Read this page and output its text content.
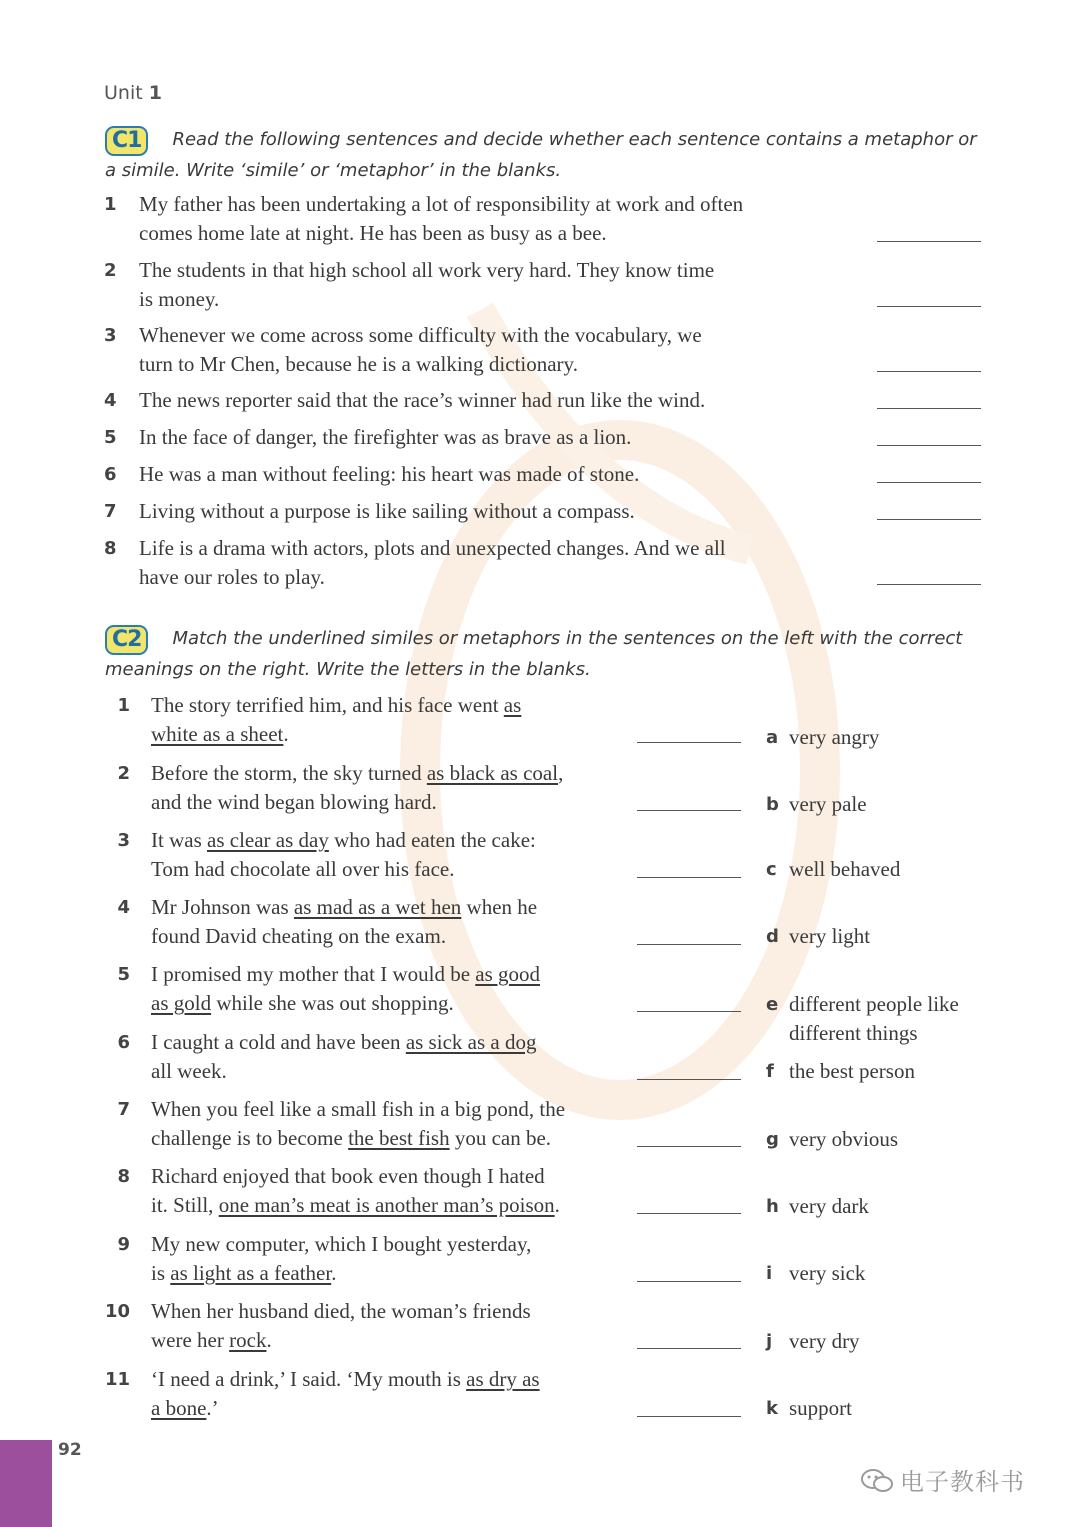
Unit 1
C1 Read the following sentences and decide whether each sentence contains a metaphor or a simile. Write ‘simile’ or ‘metaphor’ in the blanks.
1 My father has been undertaking a lot of responsibility at work and often
comes home late at night. He has been as busy as a bee.
2 The students in that high school all work very hard. They know time
is money.
3 Whenever we come across some difficulty with the vocabulary, we
turn to Mr Chen, because he is a walking dictionary.
4 The news reporter said that the race’s winner had run like the wind.
5 In the face of danger, the firefighter was as brave as a lion.
6 He was a man without feeling: his heart was made of stone.
7 Living without a purpose is like sailing without a compass.
8 Life is a drama with actors, plots and unexpected changes. And we all
have our roles to play.
C2 Match the underlined similes or metaphors in the sentences on the left with the correct meanings on the right. Write the letters in the blanks.
1 The story terrified him, and his face went as
white as a sheet.
2 Before the storm, the sky turned as black as coal,
and the wind began blowing hard.
3 It was as clear as day who had eaten the cake:
Tom had chocolate all over his face.
4 Mr Johnson was as mad as a wet hen when he
found David cheating on the exam.
5 I promised my mother that I would be as good
as gold while she was out shopping.
6 I caught a cold and have been as sick as a dog
all week.
7 When you feel like a small fish in a big pond, the
challenge is to become the best fish you can be.
8 Richard enjoyed that book even though I hated
it. Still, one man’s meat is another man’s poison.
9 My new computer, which I bought yesterday,
is as light as a feather.
10 When her husband died, the woman’s friends
were her rock.
11 ‘I need a drink,’ I said. ‘My mouth is as dry as
a bone.’
a very angry
b very pale
c well behaved
d very light
e different people like different things
f the best person
g very obvious
h very dark
i very sick
j very dry
k support
92
电子教科书
